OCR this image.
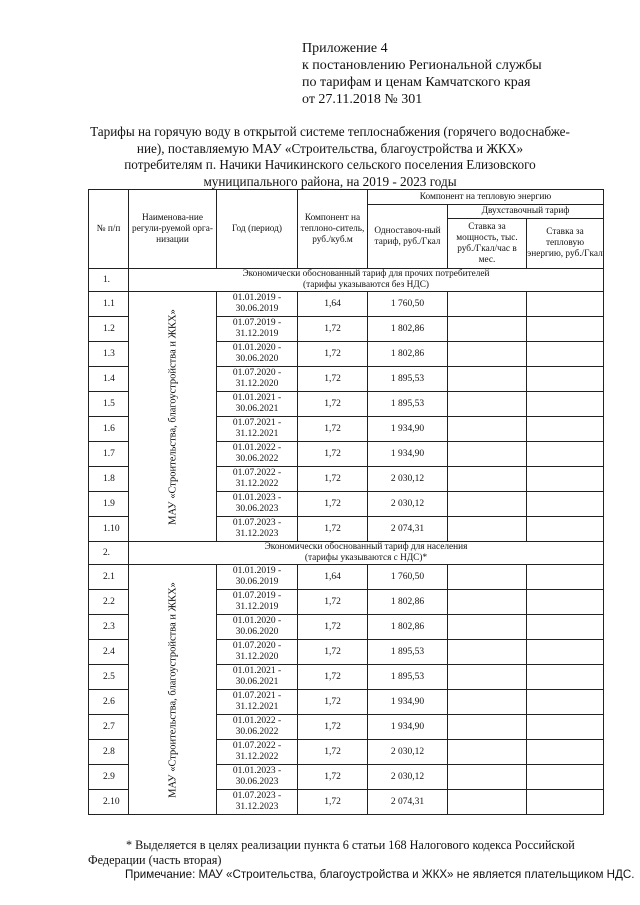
Приложение 4
к постановлению Региональной службы
по тарифам и ценам Камчатского края
от 27.11.2018 № 301
Тарифы на горячую воду в открытой системе теплоснабжения (горячего водоснабже-
ние), поставляемую МАУ «Строительства, благоустройства и ЖКХ»
потребителям п. Начики Начикинского сельского поселения Елизовского
муниципального района, на 2019 - 2023 годы
№ п/п	Наименова-ние регули-руемой орга-низации	Год (период)	Компонент на теплоно-ситель, руб./куб.м	Компонент на тепловую энергию		
				Одноставоч-ный тариф, руб./Гкал	Двухставочный тариф	
					Ставка за мощность, тыс. руб./Гкал/час в мес.	Ставка за тепловую энергию, руб./Гкал
1.	Экономически обоснованный тариф для прочих потребителей
(тарифы указываются без НДС)					

1.1	МАУ «Строительства, благоустройства и ЖКХ»	01.01.2019 -
30.06.2019	1,64	1 760,50		
1.2		01.07.2019 -
31.12.2019	1,72	1 802,86		
1.3		01.01.2020 -
30.06.2020	1,72	1 802,86		
1.4		01.07.2020 -
31.12.2020	1,72	1 895,53		
1.5		01.01.2021 -
30.06.2021	1,72	1 895,53		
1.6		01.07.2021 -
31.12.2021	1,72	1 934,90		
1.7		01.01.2022 -
30.06.2022	1,72	1 934,90		
1.8		01.07.2022 -
31.12.2022	1,72	2 030,12		
1.9		01.01.2023 -
30.06.2023	1,72	2 030,12		
1.10		01.07.2023 -
31.12.2023	1,72	2 074,31		
2.	Экономически обоснованный тариф для населения
(тарифы указываются с НДС)*					

2.1	МАУ «Строительства, благоустройства и ЖКХ»	01.01.2019 -
30.06.2019	1,64	1 760,50		
2.2		01.07.2019 -
31.12.2019	1,72	1 802,86		
2.3		01.01.2020 -
30.06.2020	1,72	1 802,86		
2.4		01.07.2020 -
31.12.2020	1,72	1 895,53		
2.5		01.01.2021 -
30.06.2021	1,72	1 895,53		
2.6		01.07.2021 -
31.12.2021	1,72	1 934,90		
2.7		01.01.2022 -
30.06.2022	1,72	1 934,90		
2.8		01.07.2022 -
31.12.2022	1,72	2 030,12		
2.9		01.01.2023 -
30.06.2023	1,72	2 030,12		
2.10		01.07.2023 -
31.12.2023	1,72	2 074,31		
* Выделяется в целях реализации пункта 6 статьи 168 Налогового кодекса Российской
Федерации (часть вторая)
Примечание: МАУ «Строительства, благоустройства и ЖКХ» не является плательщиком НДС.
